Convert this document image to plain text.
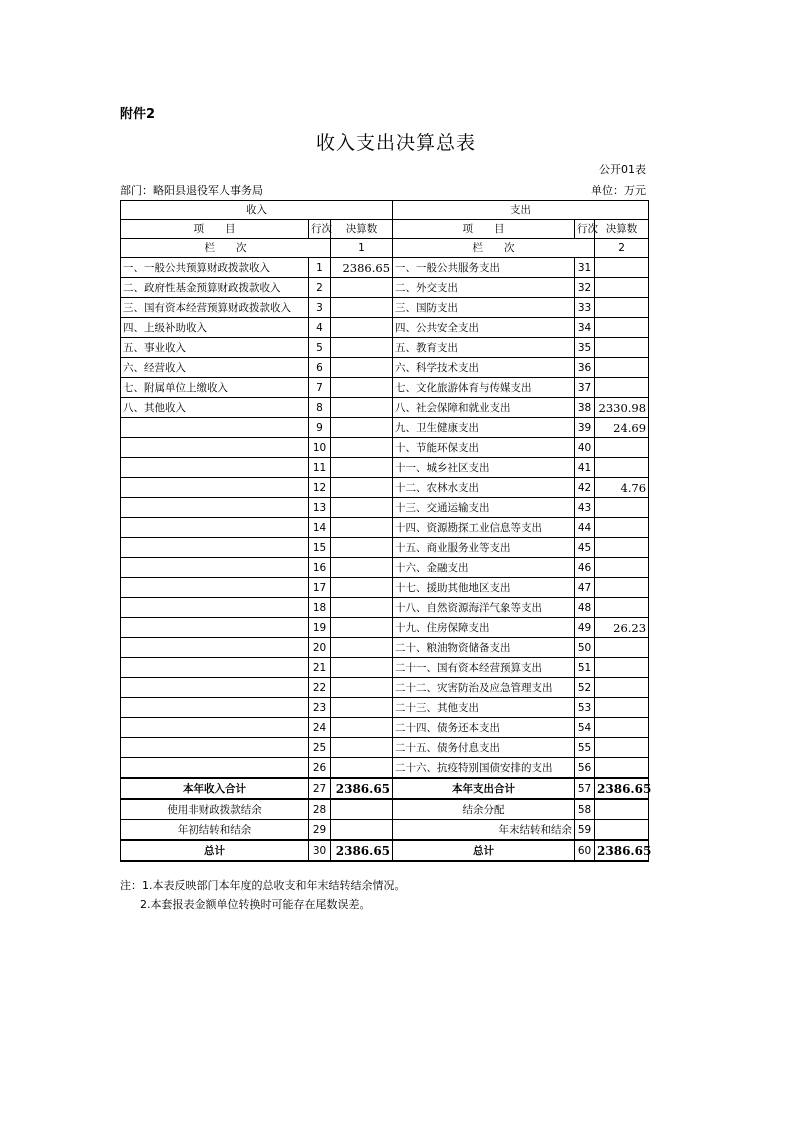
附件2
收入支出决算总表
公开01表
部门：略阳县退役军人事务局	单位：万元
收入			支出		
项　　目	行次	决算数	项　　目	行次	决算数
栏　　次		1	栏　　次		2
一、一般公共预算财政拨款收入	1	2386.65	一、一般公共服务支出	31	
二、政府性基金预算财政拨款收入	2		二、外交支出	32	
三、国有资本经营预算财政拨款收入	3		三、国防支出	33	
四、上级补助收入	4		四、公共安全支出	34	
五、事业收入	5		五、教育支出	35	
六、经营收入	6		六、科学技术支出	36	
七、附属单位上缴收入	7		七、文化旅游体育与传媒支出	37	
八、其他收入	8		八、社会保障和就业支出	38	2330.98
	9		九、卫生健康支出	39	24.69
	10		十、节能环保支出	40	
	11		十一、城乡社区支出	41	
	12		十二、农林水支出	42	4.76
	13		十三、交通运输支出	43	
	14		十四、资源勘探工业信息等支出	44	
	15		十五、商业服务业等支出	45	
	16		十六、金融支出	46	
	17		十七、援助其他地区支出	47	
	18		十八、自然资源海洋气象等支出	48	
	19		十九、住房保障支出	49	26.23
	20		二十、粮油物资储备支出	50	
	21		二十一、国有资本经营预算支出	51	
	22		二十二、灾害防治及应急管理支出	52	
	23		二十三、其他支出	53	
	24		二十四、债务还本支出	54	
	25		二十五、债务付息支出	55	
	26		二十六、抗疫特别国债安排的支出	56	
本年收入合计	27	2386.65	本年支出合计	57	2386.65
使用非财政拨款结余	28		结余分配	58	
年初结转和结余	29		年末结转和结余	59	
总计	30	2386.65	总计	60	2386.65
注：1.本表反映部门本年度的总收支和年末结转结余情况。
2.本套报表金额单位转换时可能存在尾数误差。
